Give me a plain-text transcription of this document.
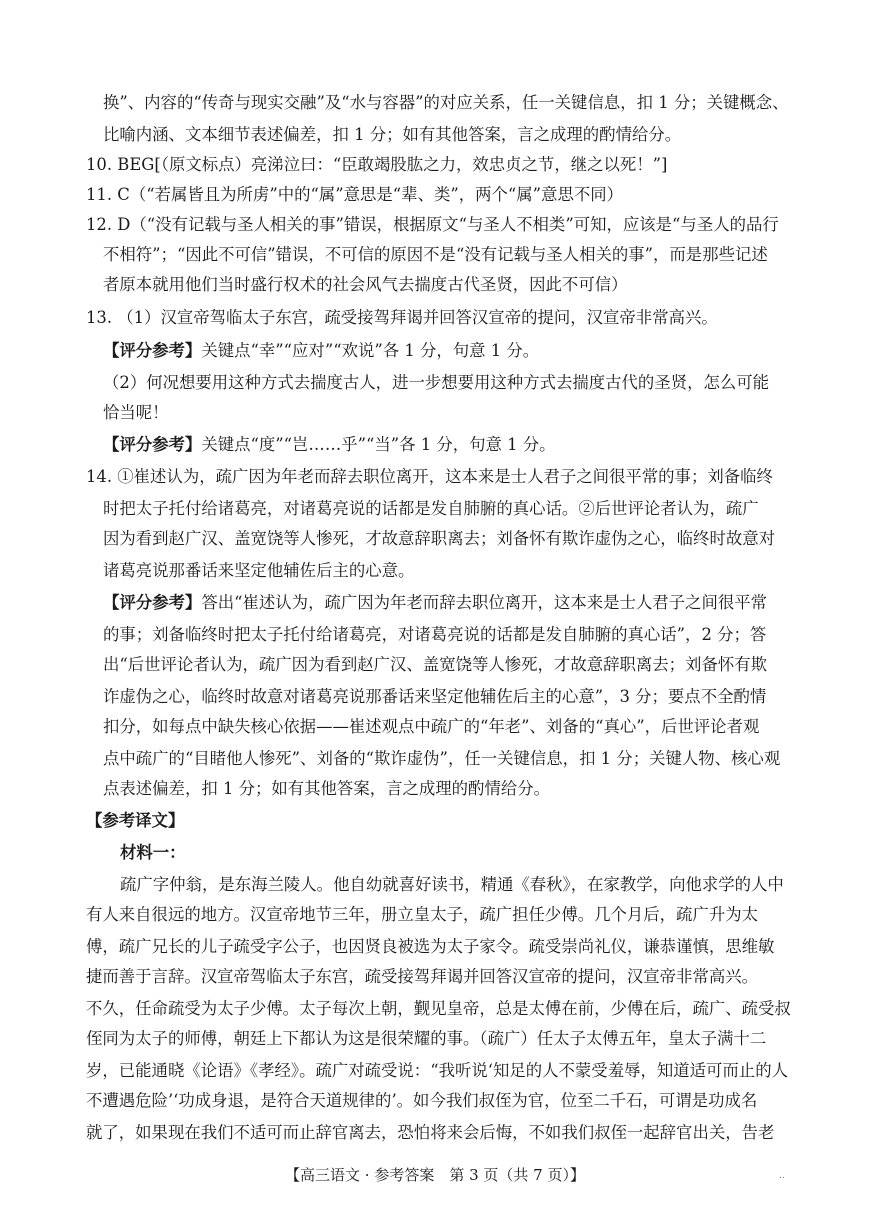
换”、内容的“传奇与现实交融”及“水与容器”的对应关系，任一关键信息，扣 1 分；关键概念、
比喻内涵、文本细节表述偏差，扣 1 分；如有其他答案，言之成理的酌情给分。
10. BEG[（原文标点）亮涕泣曰：“臣敢竭股肱之力，效忠贞之节，继之以死！”]
11. C（“若属皆且为所虏”中的“属”意思是“辈、类”，两个“属”意思不同）
12. D（“没有记载与圣人相关的事”错误，根据原文“与圣人不相类”可知，应该是“与圣人的品行
不相符”；“因此不可信”错误，不可信的原因不是“没有记载与圣人相关的事”，而是那些记述
者原本就用他们当时盛行权术的社会风气去揣度古代圣贤，因此不可信）
13. （1）汉宣帝驾临太子东宫，疏受接驾拜谒并回答汉宣帝的提问，汉宣帝非常高兴。
【评分参考】关键点“幸”“应对”“欢说”各 1 分，句意 1 分。
（2）何况想要用这种方式去揣度古人，进一步想要用这种方式去揣度古代的圣贤，怎么可能
恰当呢！
【评分参考】关键点“度”“岂……乎”“当”各 1 分，句意 1 分。
14. ①崔述认为，疏广因为年老而辞去职位离开，这本来是士人君子之间很平常的事；刘备临终
时把太子托付给诸葛亮，对诸葛亮说的话都是发自肺腑的真心话。②后世评论者认为，疏广
因为看到赵广汉、盖宽饶等人惨死，才故意辞职离去；刘备怀有欺诈虚伪之心，临终时故意对
诸葛亮说那番话来坚定他辅佐后主的心意。
【评分参考】答出“崔述认为，疏广因为年老而辞去职位离开，这本来是士人君子之间很平常
的事；刘备临终时把太子托付给诸葛亮，对诸葛亮说的话都是发自肺腑的真心话”，2 分；答
出“后世评论者认为，疏广因为看到赵广汉、盖宽饶等人惨死，才故意辞职离去；刘备怀有欺
诈虚伪之心，临终时故意对诸葛亮说那番话来坚定他辅佐后主的心意”，3 分；要点不全酌情
扣分，如每点中缺失核心依据——崔述观点中疏广的“年老”、刘备的“真心”，后世评论者观
点中疏广的“目睹他人惨死”、刘备的“欺诈虚伪”，任一关键信息，扣 1 分；关键人物、核心观
点表述偏差，扣 1 分；如有其他答案，言之成理的酌情给分。
【参考译文】
材料一：
疏广字仲翁，是东海兰陵人。他自幼就喜好读书，精通《春秋》，在家教学，向他求学的人中
有人来自很远的地方。汉宣帝地节三年，册立皇太子，疏广担任少傅。几个月后，疏广升为太
傅，疏广兄长的儿子疏受字公子，也因贤良被选为太子家令。疏受崇尚礼仪，谦恭谨慎，思维敏
捷而善于言辞。汉宣帝驾临太子东宫，疏受接驾拜谒并回答汉宣帝的提问，汉宣帝非常高兴。
不久，任命疏受为太子少傅。太子每次上朝，觐见皇帝，总是太傅在前，少傅在后，疏广、疏受叔
侄同为太子的师傅，朝廷上下都认为这是很荣耀的事。（疏广）任太子太傅五年，皇太子满十二
岁，已能通晓《论语》《孝经》。疏广对疏受说：“我听说‘知足的人不蒙受羞辱，知道适可而止的人
不遭遇危险’‘功成身退，是符合天道规律的’。如今我们叔侄为官，位至二千石，可谓是功成名
就了，如果现在我们不适可而止辞官离去，恐怕将来会后悔，不如我们叔侄一起辞官出关，告老
【高三语文 · 参考答案　第 3 页（共 7 页）】	‥
